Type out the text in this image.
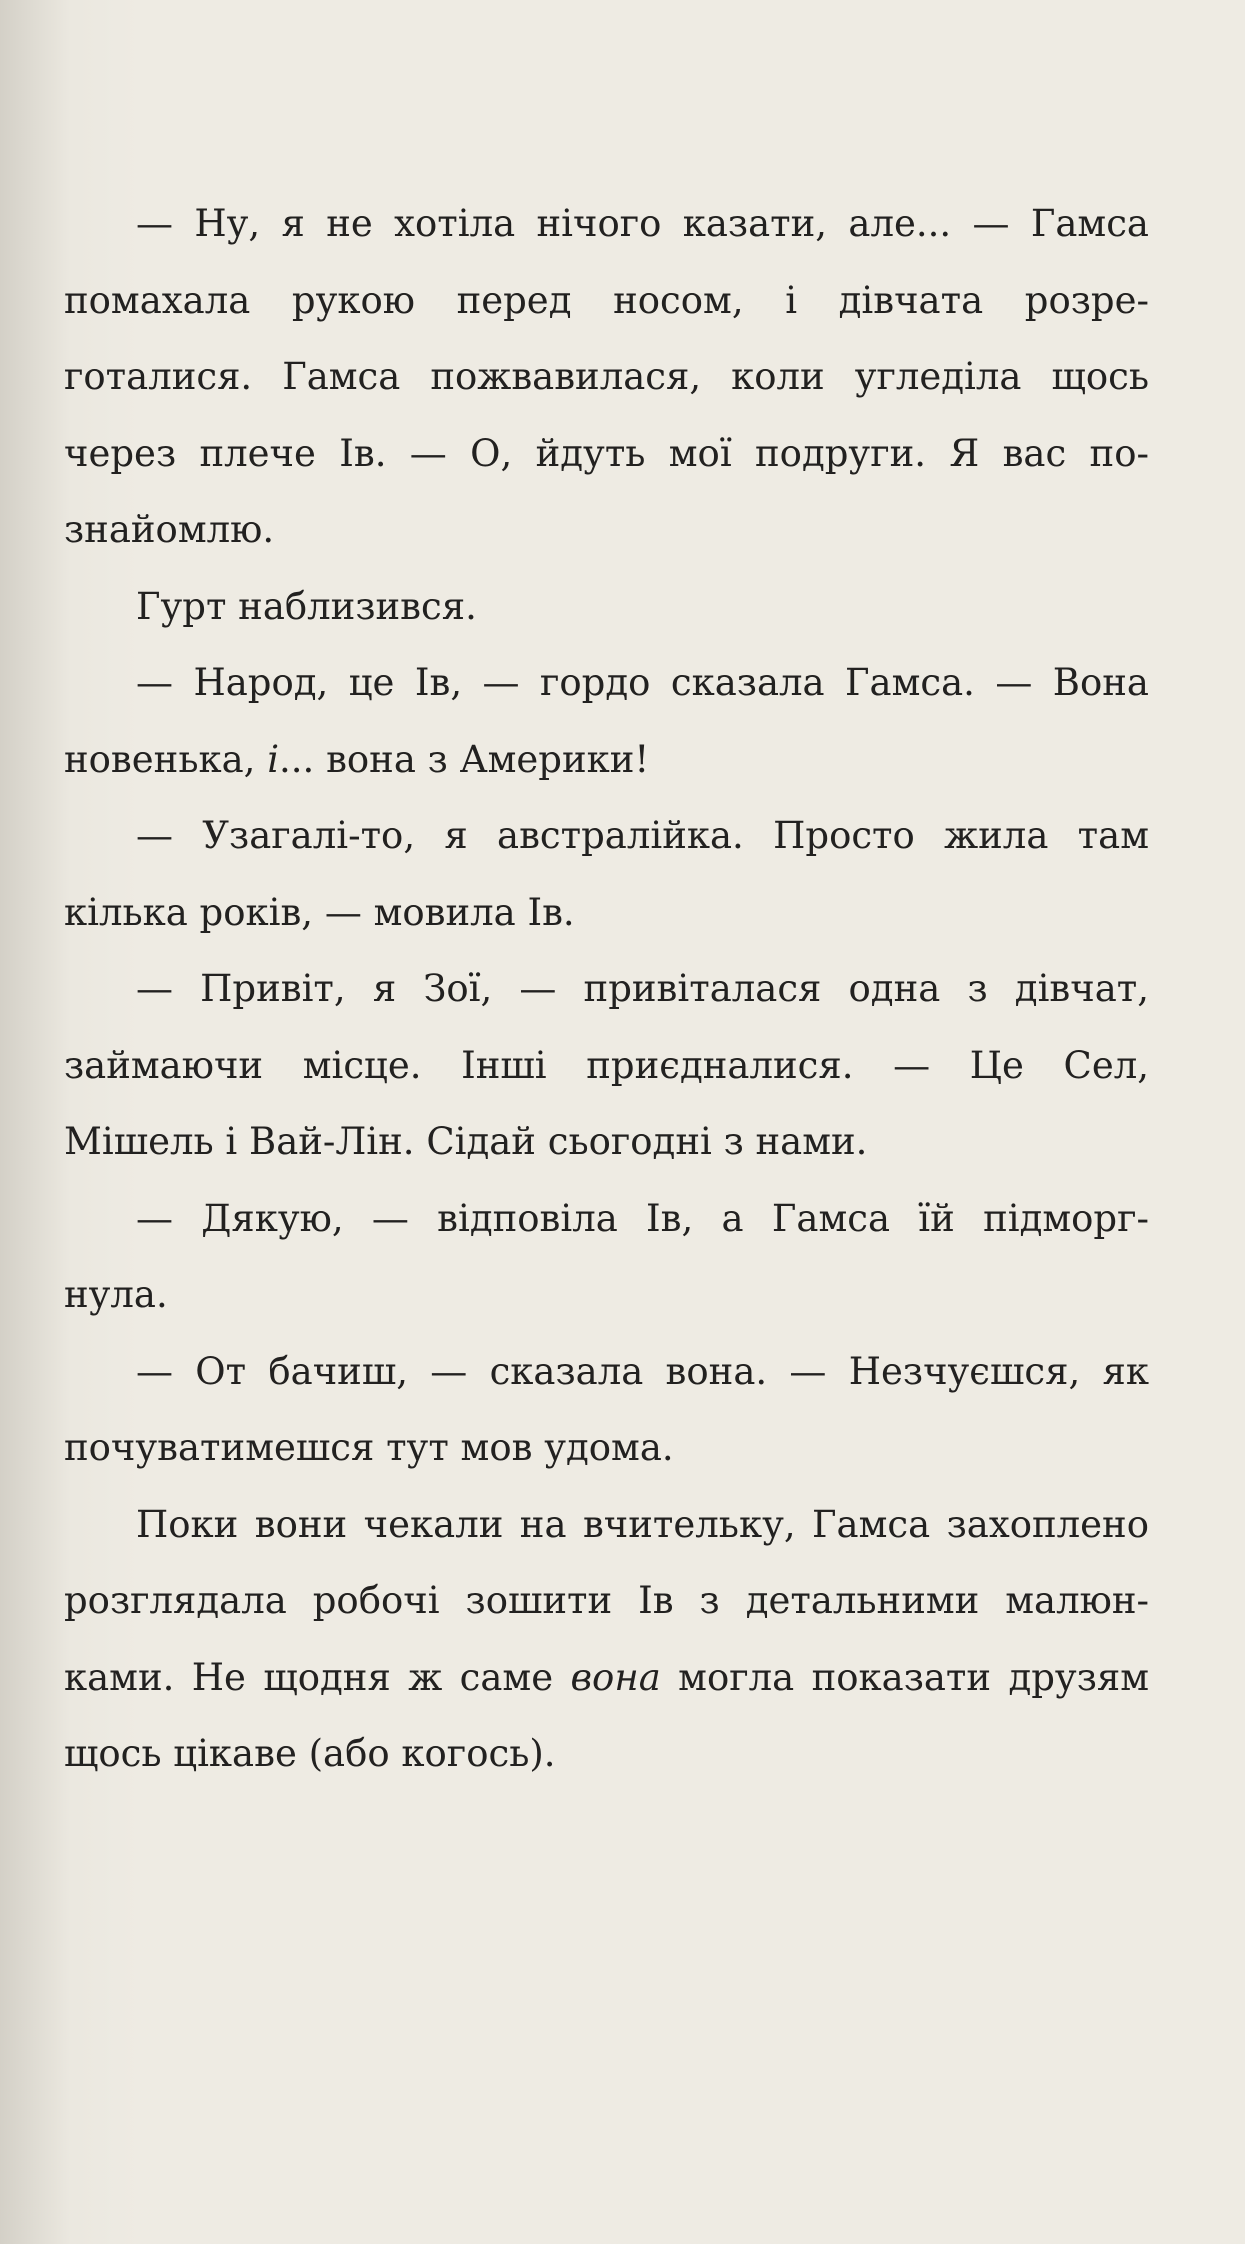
— Ну, я не хотіла нічого казати, але... — Гамса
помахала рукою перед носом, і дівчата розре-
готалися. Гамса пожвавилася, коли угледіла щось
через плече Ів. — О, йдуть мої подруги. Я вас по-
знайомлю.
Гурт наблизився.
— Народ, це Ів, — гордо сказала Гамса. — Вона
новенька, і... вона з Америки!
— Узагалі-то, я австралійка. Просто жила там
кілька років, — мовила Ів.
— Привіт, я Зої, — привіталася одна з дівчат,
займаючи місце. Інші приєдналися. — Це Сел,
Мішель і Вай-Лін. Сідай сьогодні з нами.
— Дякую, — відповіла Ів, а Гамса їй підморг-
нула.
— От бачиш, — сказала вона. — Незчуєшся, як
почуватимешся тут мов удома.
Поки вони чекали на вчительку, Гамса захоплено
розглядала робочі зошити Ів з детальними малюн-
ками. Не щодня ж саме вона могла показати друзям
щось цікаве (або когось).
